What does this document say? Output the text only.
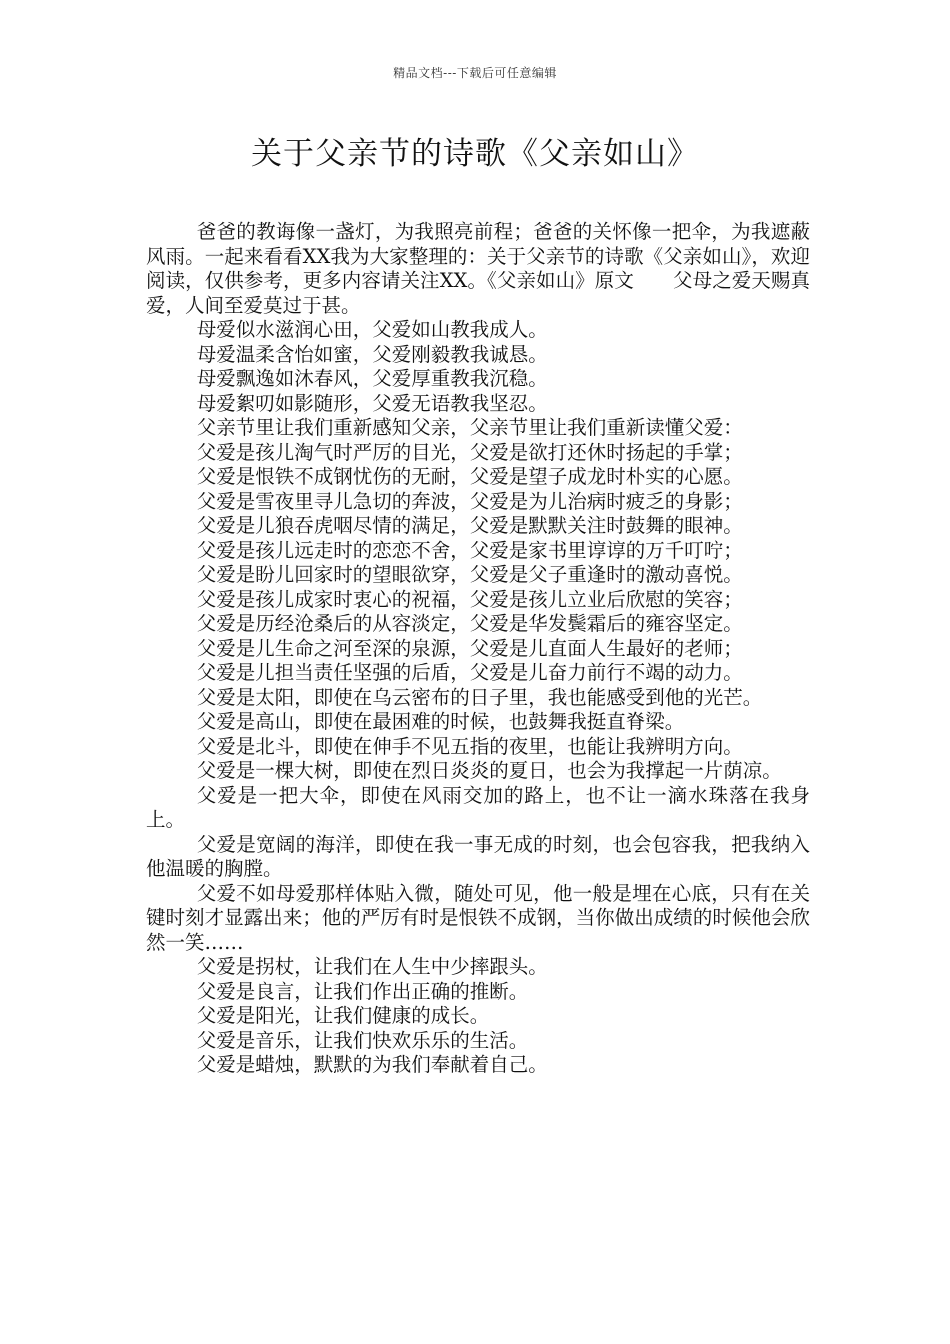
精品文档---下载后可任意编辑
关于父亲节的诗歌《父亲如山》

爸爸的教诲像一盏灯，为我照亮前程；爸爸的关怀像一把伞，为我遮蔽风雨。一起来看看XX我为大家整理的：关于父亲节的诗歌《父亲如山》，欢迎阅读，仅供参考，更多内容请关注XX。《父亲如山》原文　　父母之爱天赐真爱，人间至爱莫过于甚。

母爱似水滋润心田，父爱如山教我成人。

母爱温柔含怡如蜜，父爱刚毅教我诚恳。

母爱飘逸如沐春风，父爱厚重教我沉稳。

母爱絮叨如影随形，父爱无语教我坚忍。

父亲节里让我们重新感知父亲，父亲节里让我们重新读懂父爱：

父爱是孩儿淘气时严厉的目光，父爱是欲打还休时扬起的手掌；

父爱是恨铁不成钢忧伤的无耐，父爱是望子成龙时朴实的心愿。

父爱是雪夜里寻儿急切的奔波，父爱是为儿治病时疲乏的身影；

父爱是儿狼吞虎咽尽情的满足，父爱是默默关注时鼓舞的眼神。

父爱是孩儿远走时的恋恋不舍，父爱是家书里谆谆的万千叮咛；

父爱是盼儿回家时的望眼欲穿，父爱是父子重逢时的激动喜悦。

父爱是孩儿成家时衷心的祝福，父爱是孩儿立业后欣慰的笑容；

父爱是历经沧桑后的从容淡定，父爱是华发鬓霜后的雍容坚定。

父爱是儿生命之河至深的泉源，父爱是儿直面人生最好的老师；

父爱是儿担当责任坚强的后盾，父爱是儿奋力前行不竭的动力。

父爱是太阳，即使在乌云密布的日子里，我也能感受到他的光芒。

父爱是高山，即使在最困难的时候，也鼓舞我挺直脊梁。

父爱是北斗，即使在伸手不见五指的夜里，也能让我辨明方向。

父爱是一棵大树，即使在烈日炎炎的夏日，也会为我撑起一片荫凉。

父爱是一把大伞，即使在风雨交加的路上，也不让一滴水珠落在我身上。

父爱是宽阔的海洋，即使在我一事无成的时刻，也会包容我，把我纳入他温暖的胸膛。

父爱不如母爱那样体贴入微，随处可见，他一般是埋在心底，只有在关键时刻才显露出来；他的严厉有时是恨铁不成钢，当你做出成绩的时候他会欣然一笑……

父爱是拐杖，让我们在人生中少摔跟头。

父爱是良言，让我们作出正确的推断。

父爱是阳光，让我们健康的成长。

父爱是音乐，让我们快欢乐乐的生活。

父爱是蜡烛，默默的为我们奉献着自己。
